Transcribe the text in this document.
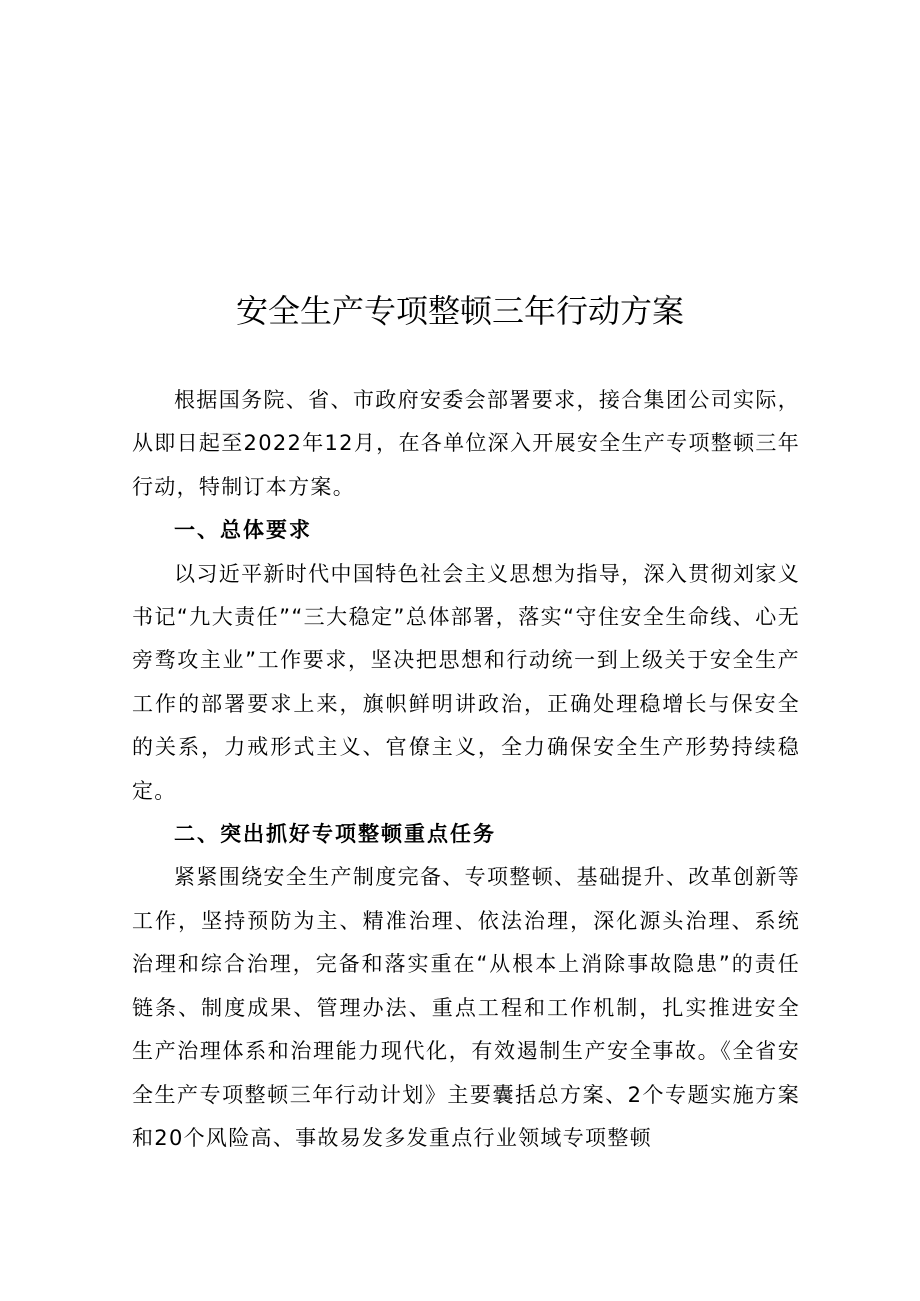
安全生产专项整顿三年行动方案

根据国务院、省、市政府安委会部署要求，接合集团公司实际，从即日起至2022年12月，在各单位深入开展安全生产专项整顿三年行动，特制订本方案。

一、总体要求

以习近平新时代中国特色社会主义思想为指导，深入贯彻刘家义书记“九大责任”“三大稳定”总体部署，落实“守住安全生命线、心无旁骛攻主业”工作要求，坚决把思想和行动统一到上级关于安全生产工作的部署要求上来，旗帜鲜明讲政治，正确处理稳增长与保安全的关系，力戒形式主义、官僚主义，全力确保安全生产形势持续稳定。

二、突出抓好专项整顿重点任务

紧紧围绕安全生产制度完备、专项整顿、基础提升、改革创新等工作，坚持预防为主、精准治理、依法治理，深化源头治理、系统治理和综合治理，完备和落实重在“从根本上消除事故隐患”的责任链条、制度成果、管理办法、重点工程和工作机制，扎实推进安全生产治理体系和治理能力现代化，有效遏制生产安全事故。《全省安全生产专项整顿三年行动计划》主要囊括总方案、2个专题实施方案和20个风险高、事故易发多发重点行业领域专项整顿
